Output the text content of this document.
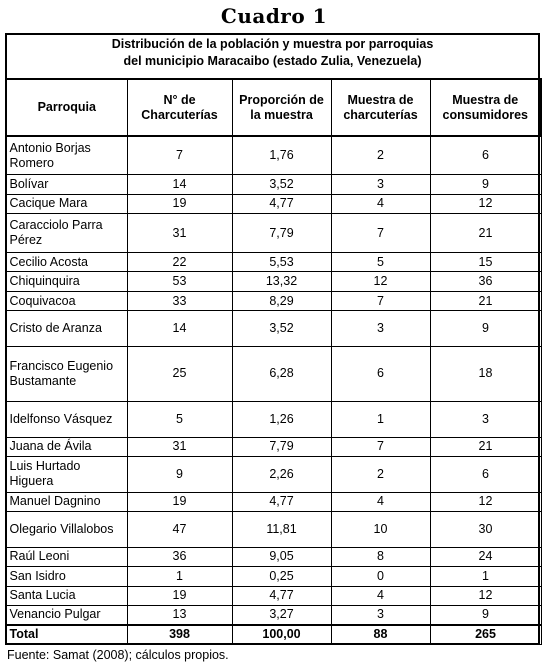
Cuadro 1
Distribución de la población y muestra por parroquias
del municipio Maracaibo (estado Zulia, Venezuela)
Parroquia	N° de Charcuterías	Proporción de la muestra	Muestra de charcuterías	Muestra de consumidores
Antonio Borjas Romero	7	1,76	2	6
Bolívar	14	3,52	3	9
Cacique Mara	19	4,77	4	12
Caracciolo Parra Pérez	31	7,79	7	21
Cecilio Acosta	22	5,53	5	15
Chiquinquira	53	13,32	12	36
Coquivacoa	33	8,29	7	21
Cristo de Aranza	14	3,52	3	9
Francisco Eugenio Bustamante	25	6,28	6	18
Idelfonso Vásquez	5	1,26	1	3
Juana de Ávila	31	7,79	7	21
Luis Hurtado Higuera	9	2,26	2	6
Manuel Dagnino	19	4,77	4	12
Olegario Villalobos	47	11,81	10	30
Raúl Leoni	36	9,05	8	24
San Isidro	1	0,25	0	1
Santa Lucia	19	4,77	4	12
Venancio Pulgar	13	3,27	3	9
Total	398	100,00	88	265
Fuente: Samat (2008); cálculos propios.
